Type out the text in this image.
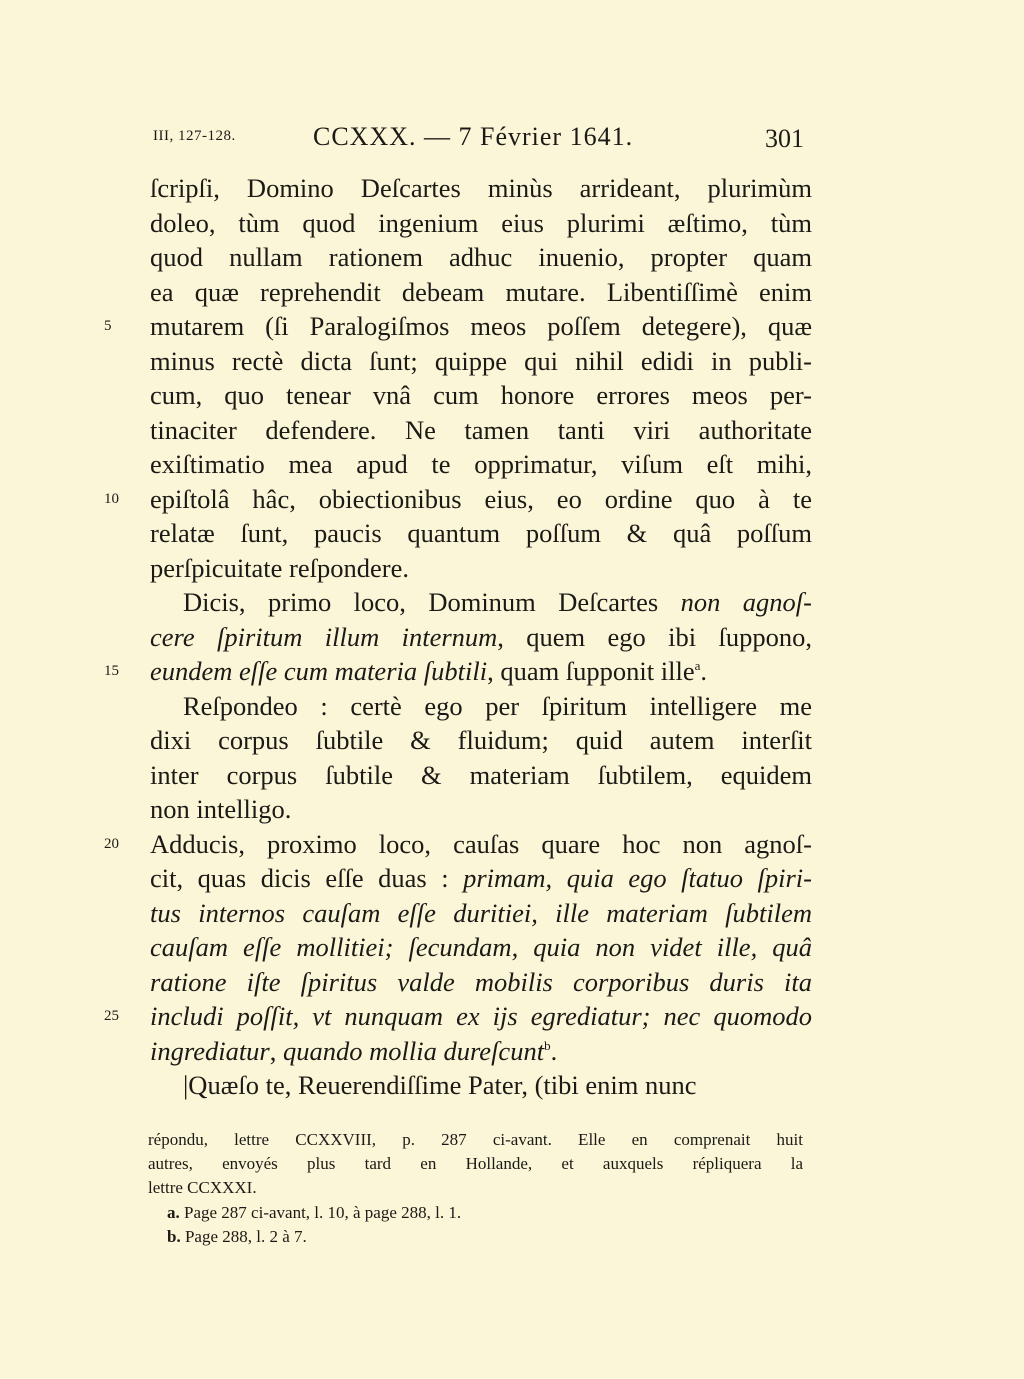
III, 127-128.	CCXXX. — 7 Février 1641.	301
ſcripſi, Domino Deſcartes minùs arrideant, plurimùm
doleo, tùm quod ingenium eius plurimi æſtimo, tùm
quod nullam rationem adhuc inuenio, propter quam
ea quæ reprehendit debeam mutare. Libentiſſimè enim
mutarem (ſi Paralogiſmos meos poſſem detegere), quæ
5
minus rectè dicta ſunt; quippe qui nihil edidi in publi-
cum, quo tenear vnâ cum honore errores meos per-
tinaciter defendere. Ne tamen tanti viri authoritate
exiſtimatio mea apud te opprimatur, viſum eſt mihi,
epiſtolâ hâc, obiectionibus eius, eo ordine quo à te
10
relatæ ſunt, paucis quantum poſſum & quâ poſſum
perſpicuitate reſpondere.
Dicis, primo loco, Dominum Deſcartes non agnoſ-
cere ſpiritum illum internum, quem ego ibi ſuppono,
eundem eſſe cum materia ſubtili, quam ſupponit ille$^a$.
15
Reſpondeo : certè ego per ſpiritum intelligere me
dixi corpus ſubtile & fluidum; quid autem interſit
inter corpus ſubtile & materiam ſubtilem, equidem
non intelligo.
Adducis, proximo loco, cauſas quare hoc non agnoſ-
20
cit, quas dicis eſſe duas : primam, quia ego ſtatuo ſpiri-
tus internos cauſam eſſe duritiei, ille materiam ſubtilem
cauſam eſſe mollitiei; ſecundam, quia non videt ille, quâ
ratione iſte ſpiritus valde mobilis corporibus duris ita
includi poſſit, vt nunquam ex ijs egrediatur; nec quomodo
25
ingrediatur, quando mollia dureſcunt$^b$.
|Quæſo te, Reuerendiſſime Pater, (tibi enim nunc
répondu, lettre CCXXVIII, p. 287 ci-avant. Elle en comprenait huit
autres, envoyés plus tard en Hollande, et auxquels répliquera la
lettre CCXXXI.
a. Page 287 ci-avant, l. 10, à page 288, l. 1.
b. Page 288, l. 2 à 7.
